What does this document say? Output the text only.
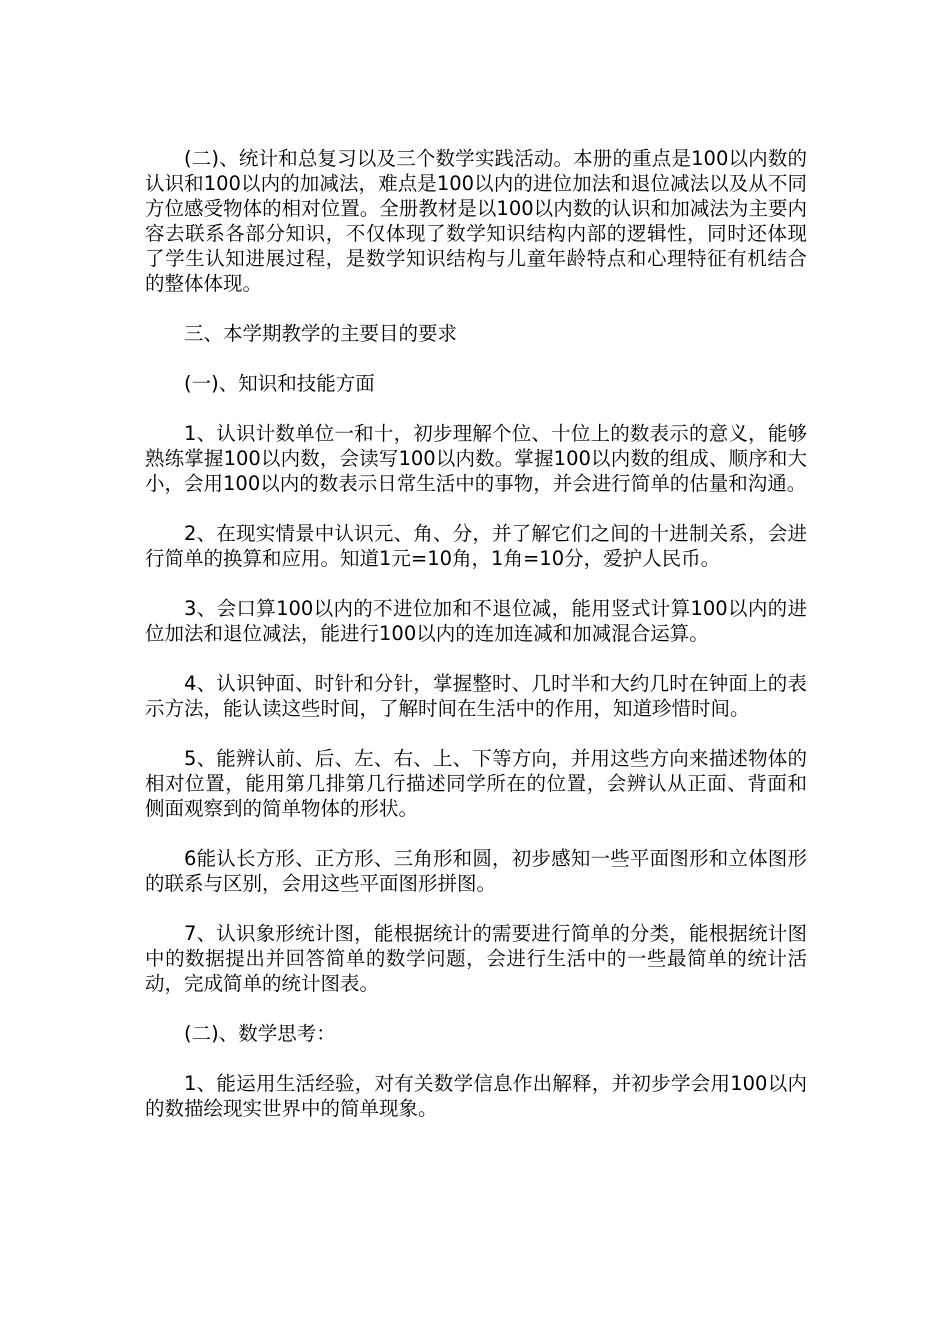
(二)、统计和总复习以及三个数学实践活动。本册的重点是100以内数的认识和100以内的加减法，难点是100以内的进位加法和退位减法以及从不同方位感受物体的相对位置。全册教材是以100以内数的认识和加减法为主要内容去联系各部分知识，不仅体现了数学知识结构内部的逻辑性，同时还体现了学生认知进展过程，是数学知识结构与儿童年龄特点和心理特征有机结合的整体体现。

三、本学期教学的主要目的要求

(一)、知识和技能方面

1、认识计数单位一和十，初步理解个位、十位上的数表示的意义，能够熟练掌握100以内数，会读写100以内数。掌握100以内数的组成、顺序和大小，会用100以内的数表示日常生活中的事物，并会进行简单的估量和沟通。

2、在现实情景中认识元、角、分，并了解它们之间的十进制关系，会进行简单的换算和应用。知道1元=10角，1角=10分，爱护人民币。

3、会口算100以内的不进位加和不退位减，能用竖式计算100以内的进位加法和退位减法，能进行100以内的连加连减和加减混合运算。

4、认识钟面、时针和分针，掌握整时、几时半和大约几时在钟面上的表示方法，能认读这些时间，了解时间在生活中的作用，知道珍惜时间。

5、能辨认前、后、左、右、上、下等方向，并用这些方向来描述物体的相对位置，能用第几排第几行描述同学所在的位置，会辨认从正面、背面和侧面观察到的简单物体的形状。

6能认长方形、正方形、三角形和圆，初步感知一些平面图形和立体图形的联系与区别，会用这些平面图形拼图。

7、认识象形统计图，能根据统计的需要进行简单的分类，能根据统计图中的数据提出并回答简单的数学问题，会进行生活中的一些最简单的统计活动，完成简单的统计图表。

(二)、数学思考：

1、能运用生活经验，对有关数学信息作出解释，并初步学会用100以内的数描绘现实世界中的简单现象。
